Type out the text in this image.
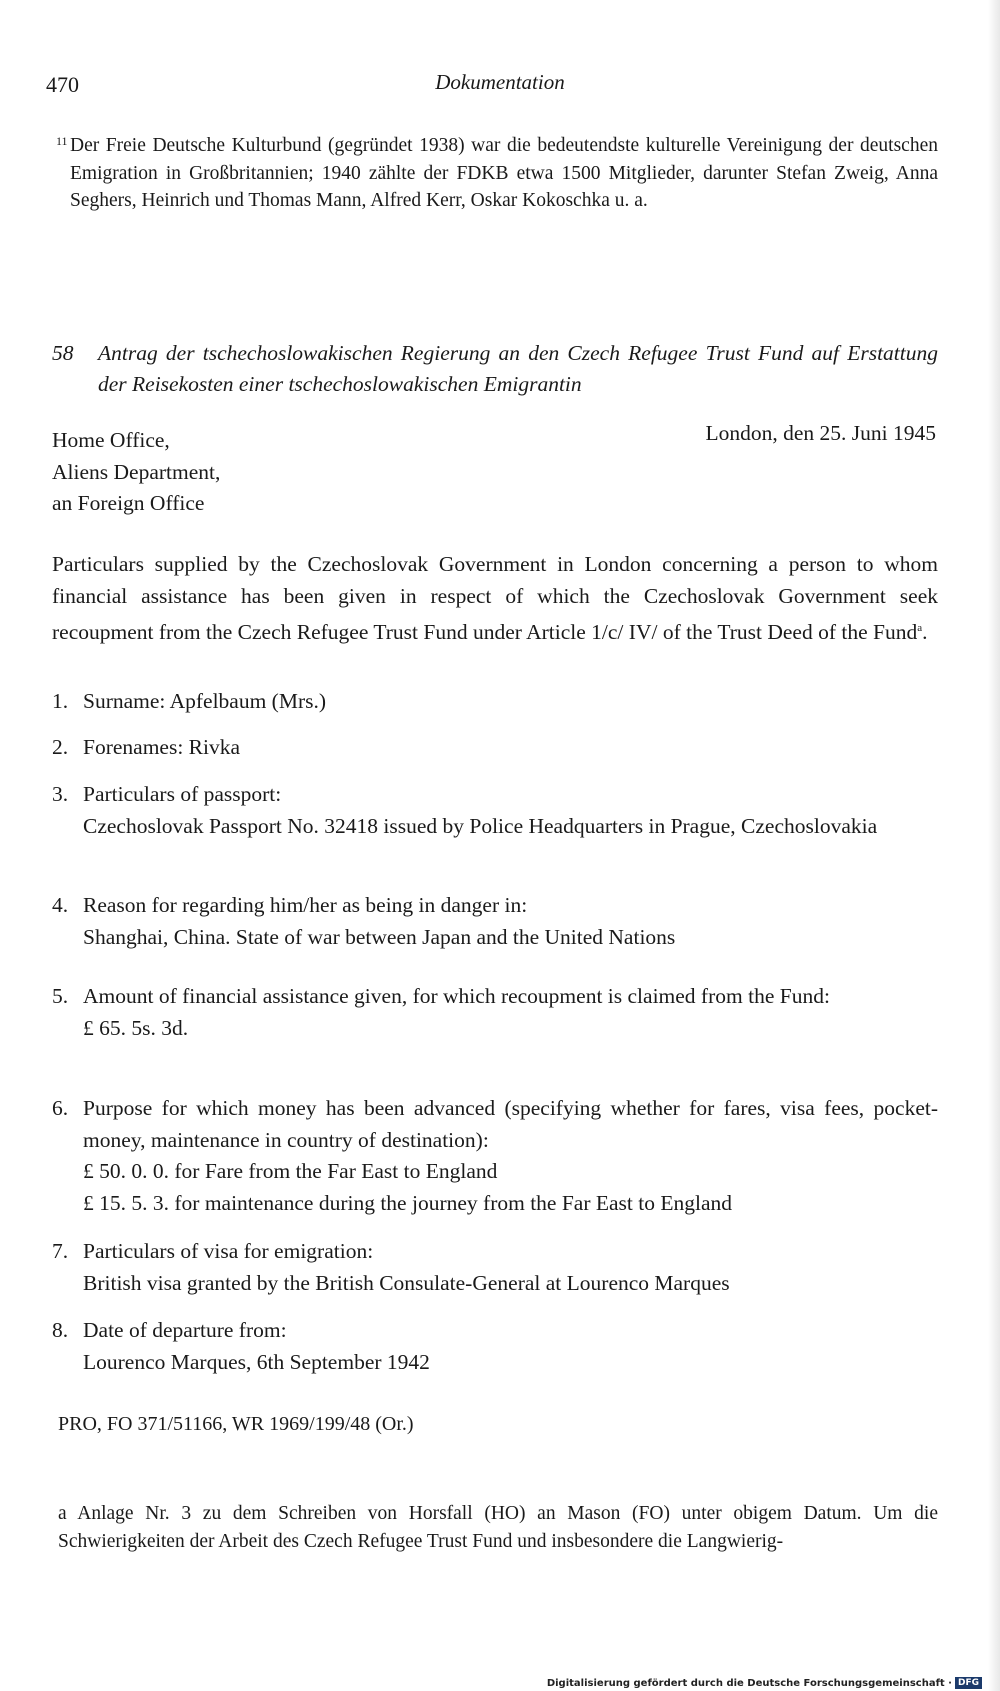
470	Dokumentation
11 Der Freie Deutsche Kulturbund (gegründet 1938) war die bedeutendste kulturelle Vereinigung der deutschen Emigration in Großbritannien; 1940 zählte der FDKB etwa 1500 Mitglieder, darunter Stefan Zweig, Anna Seghers, Heinrich und Thomas Mann, Alfred Kerr, Oskar Kokoschka u. a.
58 Antrag der tschechoslowakischen Regierung an den Czech Refugee Trust Fund auf Erstattung der Reisekosten einer tschechoslowakischen Emigrantin
Home Office,
Aliens Department,
an Foreign Office
London, den 25. Juni 1945
Particulars supplied by the Czechoslovak Government in London concerning a person to whom financial assistance has been given in respect of which the Czechoslovak Government seek recoupment from the Czech Refugee Trust Fund under Article 1/c/ IV/ of the Trust Deed of the Fund$^a$.
1. Surname: Apfelbaum (Mrs.)
2. Forenames: Rivka
3. Particulars of passport:
Czechoslovak Passport No. 32418 issued by Police Headquarters in Prague, Czechoslovakia
4. Reason for regarding him/her as being in danger in:
Shanghai, China. State of war between Japan and the United Nations
5. Amount of financial assistance given, for which recoupment is claimed from the Fund:
£ 65. 5s. 3d.
6. Purpose for which money has been advanced (specifying whether for fares, visa fees, pocket-money, maintenance in country of destination):
£ 50. 0. 0. for Fare from the Far East to England
£ 15. 5. 3. for maintenance during the journey from the Far East to England
7. Particulars of visa for emigration:
British visa granted by the British Consulate-General at Lourenco Marques
8. Date of departure from:
Lourenco Marques, 6th September 1942
PRO, FO 371/51166, WR 1969/199/48 (Or.)
a Anlage Nr. 3 zu dem Schreiben von Horsfall (HO) an Mason (FO) unter obigem Datum. Um die Schwierigkeiten der Arbeit des Czech Refugee Trust Fund und insbesondere die Langwierig-
Digitalisierung gefördert durch die Deutsche Forschungsgemeinschaft · DFG
